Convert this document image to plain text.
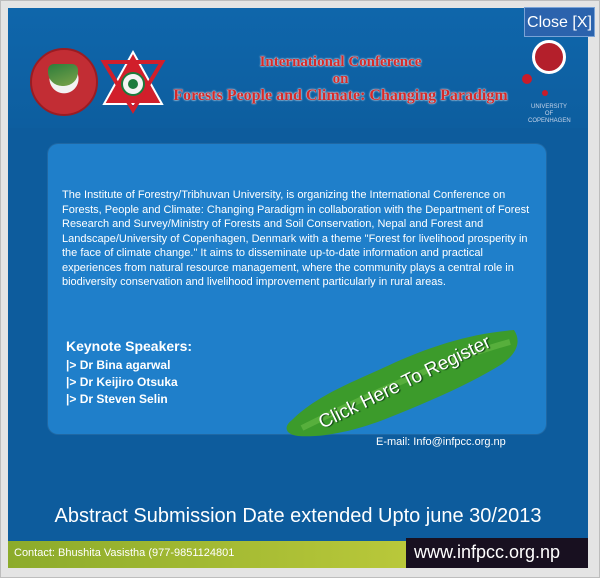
International Conference
on
Forests People and Climate: Changing Paradigm
UNIVERSITY OF COPENHAGEN
The Institute of Forestry/Tribhuvan University, is organizing the International Conference on Forests, People and Climate: Changing Paradigm in collaboration with the Department of Forest Research and Survey/Ministry of Forests and Soil Conservation, Nepal and Forest and Landscape/University of Copenhagen, Denmark with a theme "Forest for livelihood prosperity in the face of climate change." It aims to disseminate up-to-date information and practical experiences from natural resource management, where the community plays a central role in biodiversity conservation and livelihood improvement particularly in rural areas.
Keynote Speakers:
|> Dr Bina agarwal
|> Dr Keijiro Otsuka
|> Dr Steven Selin
E-mail: Info@infpcc.org.np
Click Here To Register
Abstract Submission Date extended Upto june 30/2013
Contact: Bhushita Vasistha (977-9851124801	www.infpcc.org.np
Close [X]
